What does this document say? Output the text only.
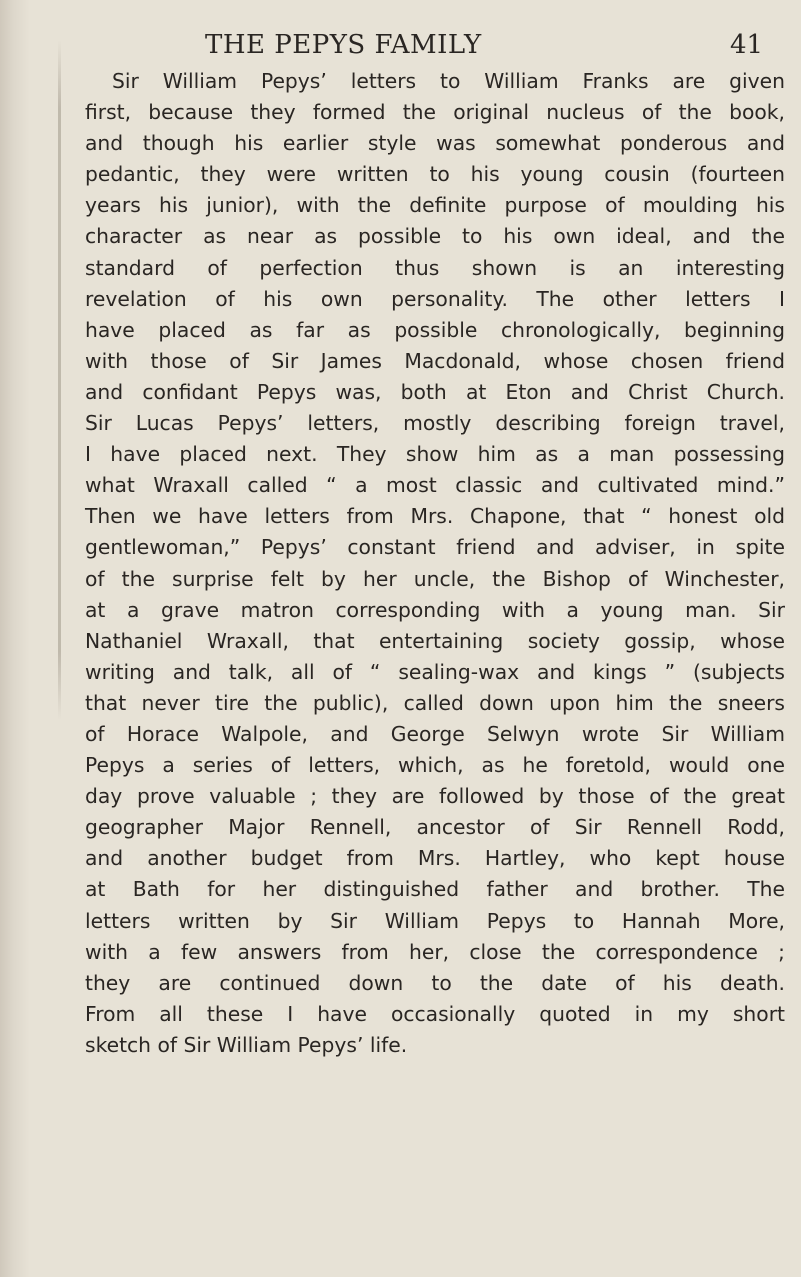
THE PEPYS FAMILY	41
Sir William Pepys’ letters to William Franks are given
first, because they formed the original nucleus of the book,
and though his earlier style was somewhat ponderous and
pedantic, they were written to his young cousin (fourteen
years his junior), with the definite purpose of moulding his
character as near as possible to his own ideal, and the
standard of perfection thus shown is an interesting
revelation of his own personality. The other letters I
have placed as far as possible chronologically, beginning
with those of Sir James Macdonald, whose chosen friend
and confidant Pepys was, both at Eton and Christ Church.
Sir Lucas Pepys’ letters, mostly describing foreign travel,
I have placed next. They show him as a man possessing
what Wraxall called “ a most classic and cultivated mind.”
Then we have letters from Mrs. Chapone, that “ honest old
gentlewoman,” Pepys’ constant friend and adviser, in spite
of the surprise felt by her uncle, the Bishop of Winchester,
at a grave matron corresponding with a young man. Sir
Nathaniel Wraxall, that entertaining society gossip, whose
writing and talk, all of “ sealing-wax and kings ” (subjects
that never tire the public), called down upon him the sneers
of Horace Walpole, and George Selwyn wrote Sir William
Pepys a series of letters, which, as he foretold, would one
day prove valuable ; they are followed by those of the great
geographer Major Rennell, ancestor of Sir Rennell Rodd,
and another budget from Mrs. Hartley, who kept house
at Bath for her distinguished father and brother. The
letters written by Sir William Pepys to Hannah More,
with a few answers from her, close the correspondence ;
they are continued down to the date of his death.
From all these I have occasionally quoted in my short
sketch of Sir William Pepys’ life.
